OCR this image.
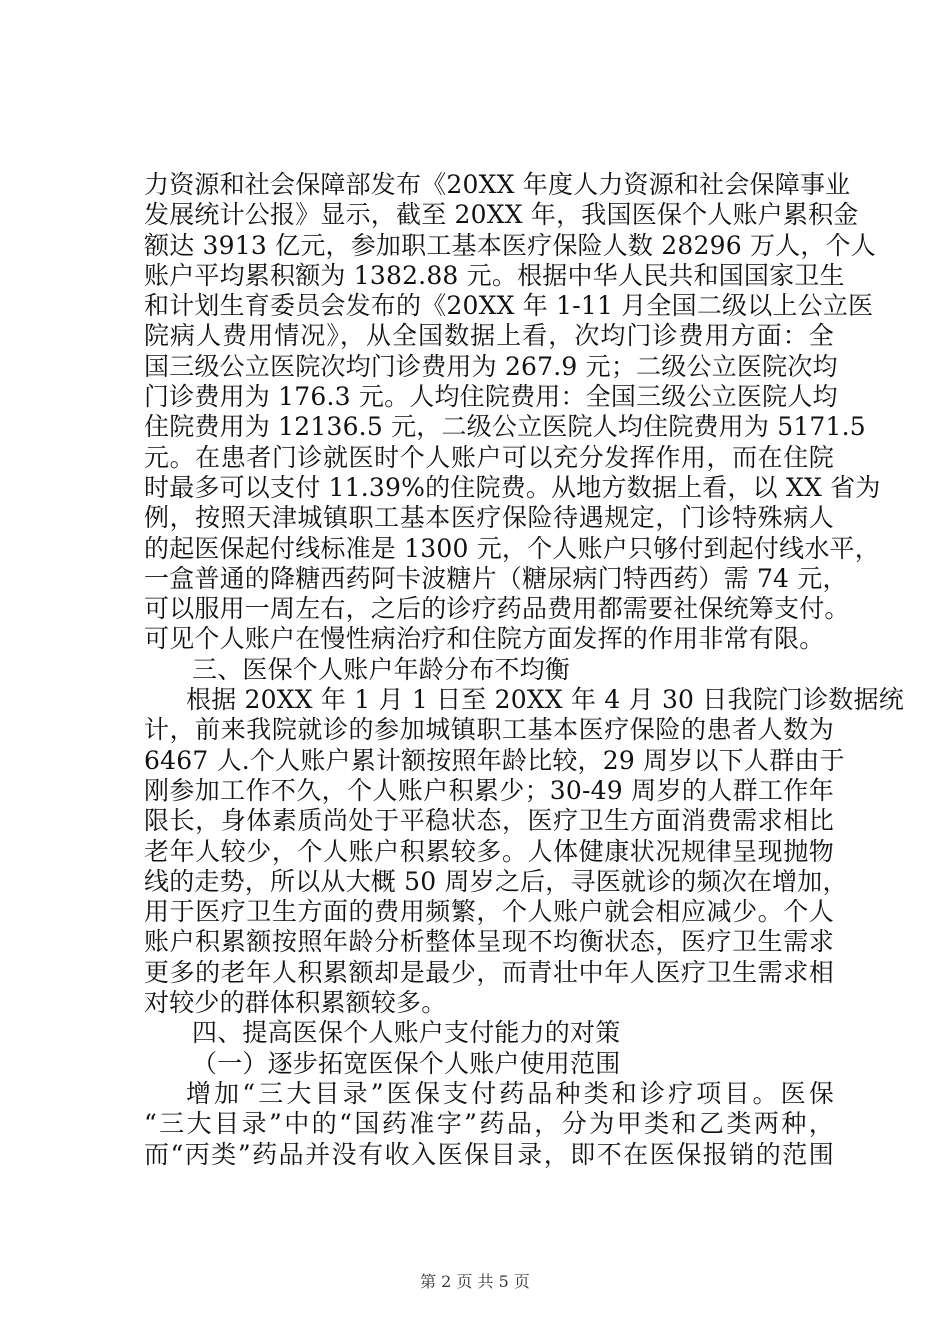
力资源和社会保障部发布《20XX 年度人力资源和社会保障事业
发展统计公报》显示，截至 20XX 年，我国医保个人账户累积金
额达 3913 亿元，参加职工基本医疗保险人数 28296 万人，个人
账户平均累积额为 1382.88 元。根据中华人民共和国国家卫生
和计划生育委员会发布的《20XX 年 1-11 月全国二级以上公立医
院病人费用情况》，从全国数据上看，次均门诊费用方面：全
国三级公立医院次均门诊费用为 267.9 元；二级公立医院次均
门诊费用为 176.3 元。人均住院费用：全国三级公立医院人均
住院费用为 12136.5 元，二级公立医院人均住院费用为 5171.5
元。在患者门诊就医时个人账户可以充分发挥作用，而在住院
时最多可以支付 11.39%的住院费。从地方数据上看，以 XX 省为
例，按照天津城镇职工基本医疗保险待遇规定，门诊特殊病人
的起医保起付线标准是 1300 元，个人账户只够付到起付线水平，
一盒普通的降糖西药阿卡波糖片（糖尿病门特西药）需 74 元，
可以服用一周左右，之后的诊疗药品费用都需要社保统筹支付。
可见个人账户在慢性病治疗和住院方面发挥的作用非常有限。
三、医保个人账户年龄分布不均衡
根据 20XX 年 1 月 1 日至 20XX 年 4 月 30 日我院门诊数据统
计，前来我院就诊的参加城镇职工基本医疗保险的患者人数为
6467 人.个人账户累计额按照年龄比较，29 周岁以下人群由于
刚参加工作不久，个人账户积累少；30-49 周岁的人群工作年
限长，身体素质尚处于平稳状态，医疗卫生方面消费需求相比
老年人较少，个人账户积累较多。人体健康状况规律呈现抛物
线的走势，所以从大概 50 周岁之后，寻医就诊的频次在增加，
用于医疗卫生方面的费用频繁，个人账户就会相应减少。个人
账户积累额按照年龄分析整体呈现不均衡状态，医疗卫生需求
更多的老年人积累额却是最少，而青壮中年人医疗卫生需求相
对较少的群体积累额较多。
四、提高医保个人账户支付能力的对策
（一）逐步拓宽医保个人账户使用范围
增加“三大目录”医保支付药品种类和诊疗项目。医保
“三大目录”中的“国药准字”药品，分为甲类和乙类两种，
而“丙类”药品并没有收入医保目录，即不在医保报销的范围
第 2 页 共 5 页
